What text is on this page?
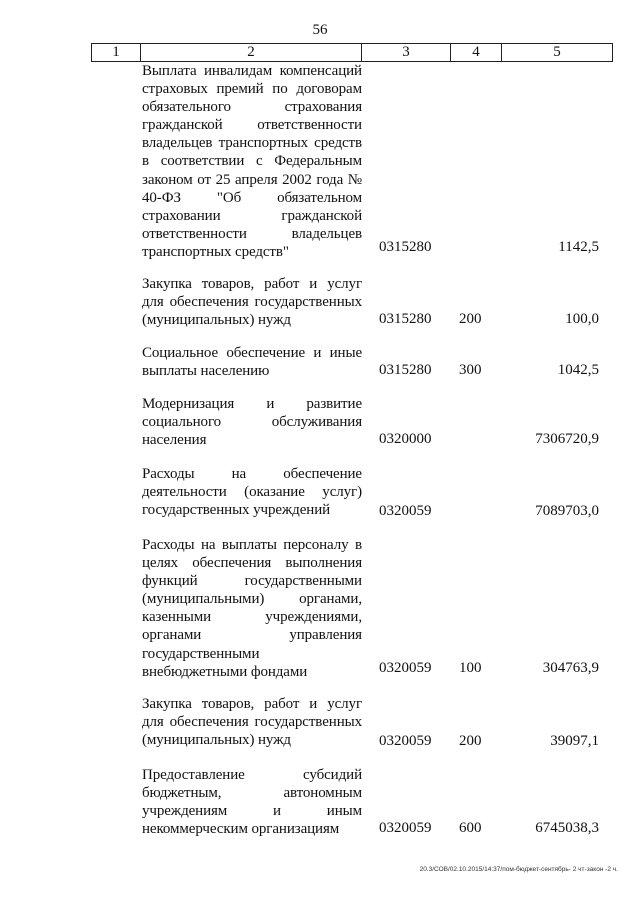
56
1	2	3	4	5
Выплата инвалидам компенсаций страховых премий по договорам обязательного страхования гражданской ответственности владельцев транспортных средств в соответствии с Федеральным законом от 25 апреля 2002 года № 40-ФЗ "Об обязательном страховании гражданской ответственности владельцев транспортных средств"	0315280	1142,5
Закупка товаров, работ и услуг для обеспечения государственных (муниципальных) нужд	0315280 200	100,0
Социальное обеспечение и иные выплаты населению	0315280 300	1042,5
Модернизация и развитие социального обслуживания населения	0320000	7306720,9
Расходы на обеспечение деятельности (оказание услуг) государственных учреждений	0320059	7089703,0
Расходы на выплаты персоналу в целях обеспечения выполнения функций государственными (муниципальными) органами, казенными учреждениями, органами управления государственными внебюджетными фондами	0320059 100	304763,9
Закупка товаров, работ и услуг для обеспечения государственных (муниципальных) нужд	0320059 200	39097,1
Предоставление субсидий бюджетным, автономным учреждениям и иным некоммерческим организациям	0320059 600	6745038,3
20.3/СОВ/02.10.2015/14:37/пом-бюджет-сентябрь- 2 чт-закон -2 ч.
